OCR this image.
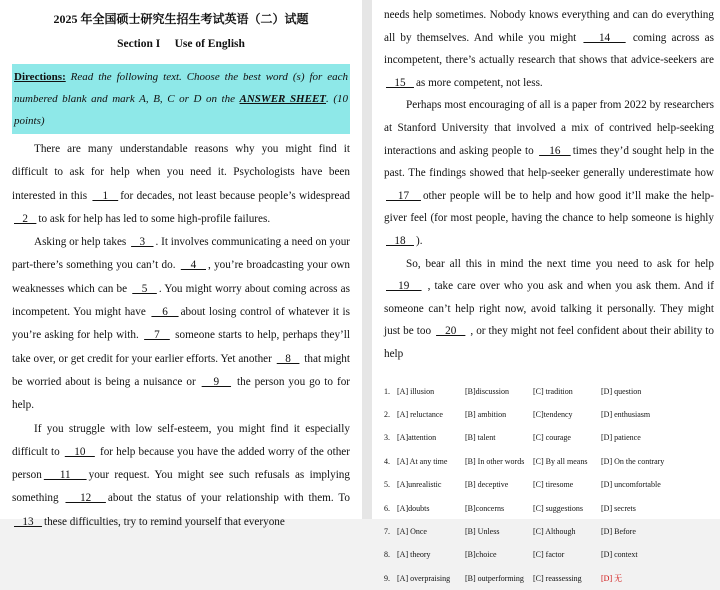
2025 年全国硕士研究生招生考试英语（二）试题
Section I     Use of English
Directions: Read the following text. Choose the best word (s) for each numbered blank and mark A, B, C or D on the ANSWER SHEET. (10 points)

There are many understandable reasons why you might find it difficult to ask for help when you need it. Psychologists have been interested in this    1   for decades, not least because people’s widespread    2   to ask for help has led to some high-profile failures.

Asking or help takes    3   . It involves communicating a need on your part-there’s something you can’t do.    4   , you’re broadcasting your own weaknesses which can be    5   . You might worry about coming across as incompetent. You might have    6   about losing control of whatever it is you’re asking for help with.    7    someone starts to help, perhaps they’ll take over, or get credit for your earlier efforts. Yet another    8    that might be worried about is being a nuisance or    9    the person you go to for help.

If you struggle with low self-esteem, you might find it especially difficult to    10    for help because you have the added worry of the other person   11   your request. You might see such refusals as implying something    12   about the status of your relationship with them. To    13   these difficulties, try to remind yourself that everyone

needs help sometimes. Nobody knows everything and can do everything all by themselves. And while you might    14    coming across as incompetent, there’s actually research that shows that advice-seekers are    15   as more competent, not less.

Perhaps most encouraging of all is a paper from 2022 by researchers at Stanford University that involved a mix of contrived help-seeking interactions and asking people to    16   times they’d sought help in the past. The findings showed that help-seeker generally underestimate how    17   other people will be to help and how good it’ll make the help-giver feel (for most people, having the chance to help someone is highly    18   ).

So, bear all this in mind the next time you need to ask for help    19    , take care over who you ask and when you ask them. And if someone can’t help right now, avoid talking it personally. They might just be too    20    , or they might not feel confident about their ability to help

1. [A] illusion	[B]discussion	[C] tradition	[D] question
2. [A] reluctance	[B] ambition	[C]tendency	[D] enthusiasm
3. [A]attention	[B] talent	[C] courage	[D] patience
4. [A] At any time	[B] In other words	[C] By all means	[D] On the contrary
5. [A]unrealistic	[B] deceptive	[C] tiresome	[D] uncomfortable
6. [A]doubts	[B]concerns	[C] suggestions	[D] secrets
7. [A] Once	[B] Unless	[C] Although	[D] Before
8. [A] theory	[B]choice	[C] factor	[D] context
9. [A] overpraising	[B] outperforming	[C] reassessing	[D] 无
